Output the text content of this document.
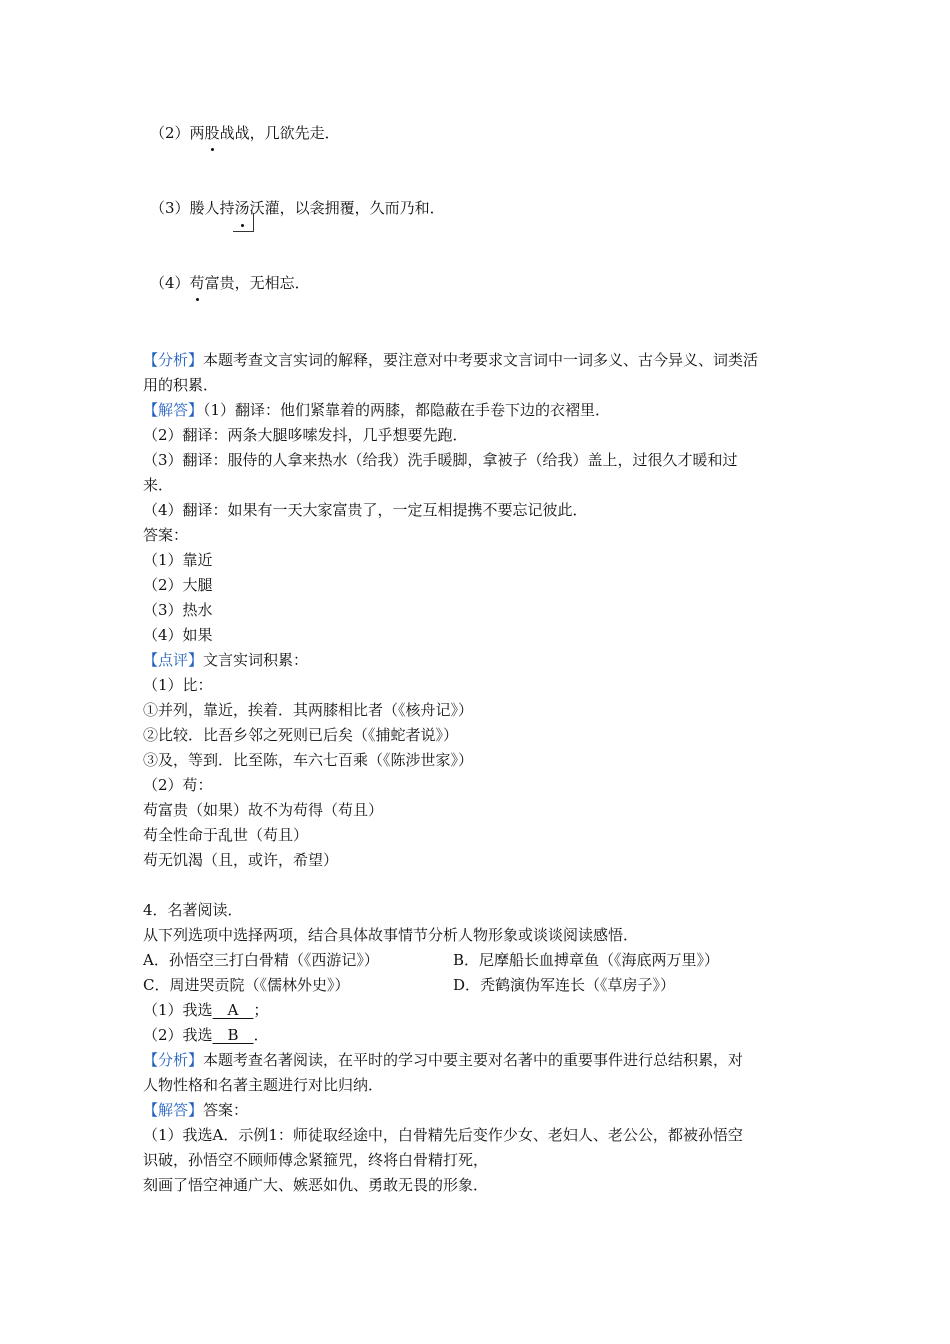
（2）两股
战战，几欲先走．
（3）媵人持汤
沃灌，以衾拥覆，久而乃和．
（4）苟
富贵，无相忘．
【分析】本题考查文言实词的解释，要注意对中考要求文言词中一词多义、古今异义、词类活
用的积累．
【解答】（1）翻译：他们紧靠着的两膝，都隐蔽在手卷下边的衣褶里．
（2）翻译：两条大腿哆嗦发抖，几乎想要先跑．
（3）翻译：服侍的人拿来热水（给我）洗手暖脚，拿被子（给我）盖上，过很久才暖和过
来．
（4）翻译：如果有一天大家富贵了，一定互相提携不要忘记彼此．
答案：
（1）靠近
（2）大腿
（3）热水
（4）如果
【点评】文言实词积累：
（1）比：
①并列，靠近，挨着．其两膝相比者（《核舟记》）
②比较．比吾乡邻之死则已后矣（《捕蛇者说》）
③及，等到．比至陈，车六七百乘（《陈涉世家》）
（2）苟：
苟富贵（如果）故不为苟得（苟且）
苟全性命于乱世（苟且）
苟无饥渴（且，或许，希望）
4．名著阅读．
从下列选项中选择两项，结合具体故事情节分析人物形象或谈谈阅读感悟．
A．孙悟空三打白骨精（《西游记》）	B．尼摩船长血搏章鱼（《海底两万里》）
C．周进哭贡院（《儒林外史》）	D．秃鹤演伪军连长（《草房子》）
（1）我选　A　；
（2）我选　B　．
【分析】本题考查名著阅读，在平时的学习中要主要对名著中的重要事件进行总结积累，对
人物性格和名著主题进行对比归纳．
【解答】答案：
（1）我选A．示例1：师徒取经途中，白骨精先后变作少女、老妇人、老公公，都被孙悟空
识破，孙悟空不顾师傅念紧箍咒，终将白骨精打死，
刻画了悟空神通广大、嫉恶如仇、勇敢无畏的形象．
